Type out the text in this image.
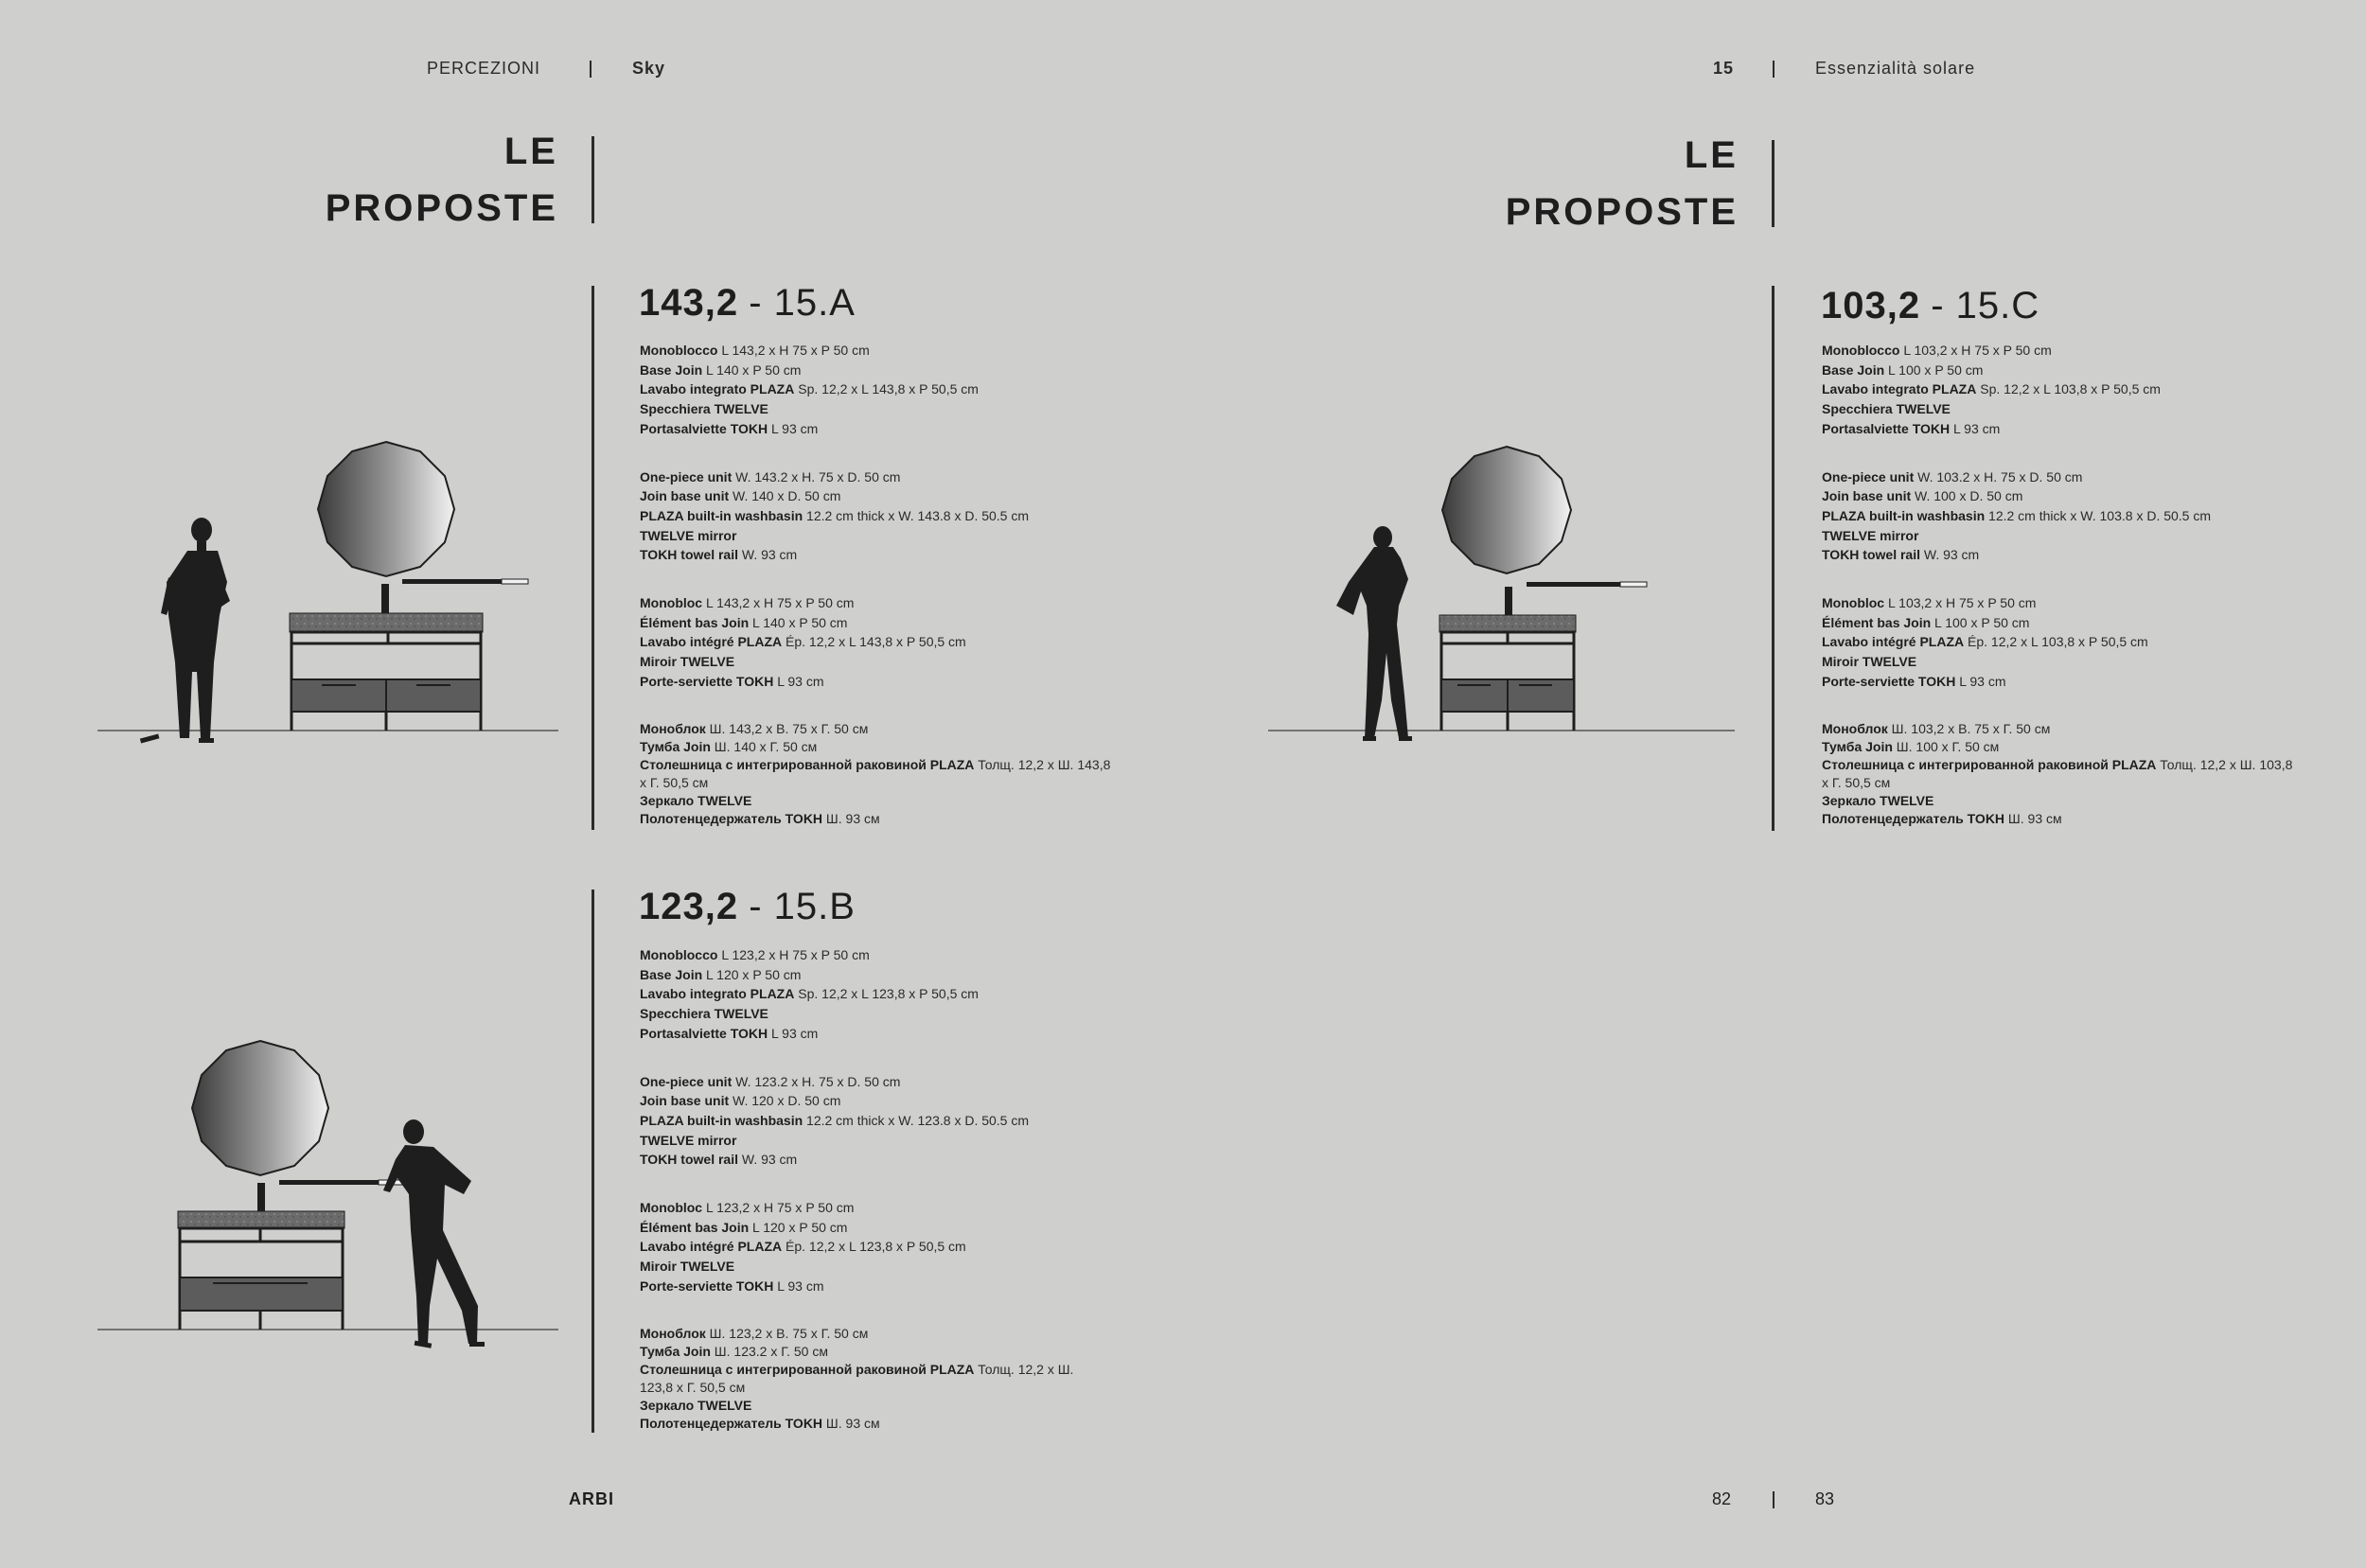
PERCEZIONI	Sky	15	Essenzialità solare
LE
PROPOSTE
LE
PROPOSTE
143,2 - 15.A
Monoblocco L 143,2 x H 75 x P 50 cm
Base Join L 140 x P 50 cm
Lavabo integrato PLAZA Sp. 12,2 x L 143,8 x P 50,5 cm
Specchiera TWELVE
Portasalviette TOKH L 93 cm
One-piece unit W. 143.2 x H. 75 x D. 50 cm
Join base unit W. 140 x D. 50 cm
PLAZA built-in washbasin 12.2 cm thick x W. 143.8 x D. 50.5 cm
TWELVE mirror
TOKH towel rail W. 93 cm
Monobloc L 143,2 x H 75 x P 50 cm
Élément bas Join L 140 x P 50 cm
Lavabo intégré PLAZA Ép. 12,2 x L 143,8 x P 50,5 cm
Miroir TWELVE
Porte-serviette TOKH L 93 cm
Моноблок Ш. 143,2 x В. 75 x Г. 50 см
Тумба Join Ш. 140 x Г. 50 см
Столешница с интегрированной раковиной PLAZA Толщ. 12,2 x Ш. 143,8 x Г. 50,5 см
Зеркало TWELVE
Полотенцедержатель TOKH Ш. 93 см
123,2 - 15.B
Monoblocco L 123,2 x H 75 x P 50 cm
Base Join L 120 x P 50 cm
Lavabo integrato PLAZA Sp. 12,2 x L 123,8 x P 50,5 cm
Specchiera TWELVE
Portasalviette TOKH L 93 cm
One-piece unit W. 123.2 x H. 75 x D. 50 cm
Join base unit W. 120 x D. 50 cm
PLAZA built-in washbasin 12.2 cm thick x W. 123.8 x D. 50.5 cm
TWELVE mirror
TOKH towel rail W. 93 cm
Monobloc L 123,2 x H 75 x P 50 cm
Élément bas Join L 120 x P 50 cm
Lavabo intégré PLAZA Ép. 12,2 x L 123,8 x P 50,5 cm
Miroir TWELVE
Porte-serviette TOKH L 93 cm
Моноблок Ш. 123,2 x В. 75 x Г. 50 см
Тумба Join Ш. 123.2 x Г. 50 см
Столешница с интегрированной раковиной PLAZA Толщ. 12,2 x Ш. 123,8 x Г. 50,5 см
Зеркало TWELVE
Полотенцедержатель TOKH Ш. 93 см
103,2 - 15.C
Monoblocco L 103,2 x H 75 x P 50 cm
Base Join L 100 x P 50 cm
Lavabo integrato PLAZA Sp. 12,2 x L 103,8 x P 50,5 cm
Specchiera TWELVE
Portasalviette TOKH L 93 cm
One-piece unit W. 103.2 x H. 75 x D. 50 cm
Join base unit W. 100 x D. 50 cm
PLAZA built-in washbasin 12.2 cm thick x W. 103.8 x D. 50.5 cm
TWELVE mirror
TOKH towel rail W. 93 cm
Monobloc L 103,2 x H 75 x P 50 cm
Élément bas Join L 100 x P 50 cm
Lavabo intégré PLAZA Ép. 12,2 x L 103,8 x P 50,5 cm
Miroir TWELVE
Porte-serviette TOKH L 93 cm
Моноблок Ш. 103,2 x В. 75 x Г. 50 см
Тумба Join Ш. 100 x Г. 50 см
Столешница с интегрированной раковиной PLAZA Толщ. 12,2 x Ш. 103,8 x Г. 50,5 см
Зеркало TWELVE
Полотенцедержатель TOKH Ш. 93 см
ARBI	82	83
